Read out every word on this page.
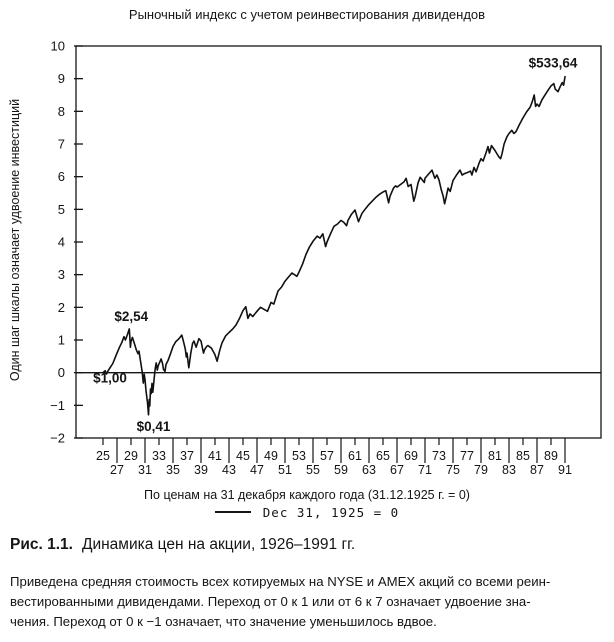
Рыночный индекс с учетом реинвестирования дивидендов
Один шаг шкалы означает удвоение инвестиций
10
9
8
7
6
5
4
3
2
1
0
−1
−2
25
27
29
31
33
35
37
39
41
43
45
47
49
51
53
55
57
59
61
63
65
67
69
71
73
75
77
79
81
83
85
87
89
91
$1,00
$2,54
$0,41
$533,64
По ценам на 31 декабря каждого года (31.12.1925 г. = 0)
Dec 31, 1925 = 0
Рис. 1.1. Динамика цен на акции, 1926–1991 гг.
Приведена средняя стоимость всех котируемых на NYSE и AMEX акций со всеми реин-
вестированными дивидендами. Переход от 0 к 1 или от 6 к 7 означает удвоение зна-
чения. Переход от 0 к −1 означает, что значение уменьшилось вдвое.
